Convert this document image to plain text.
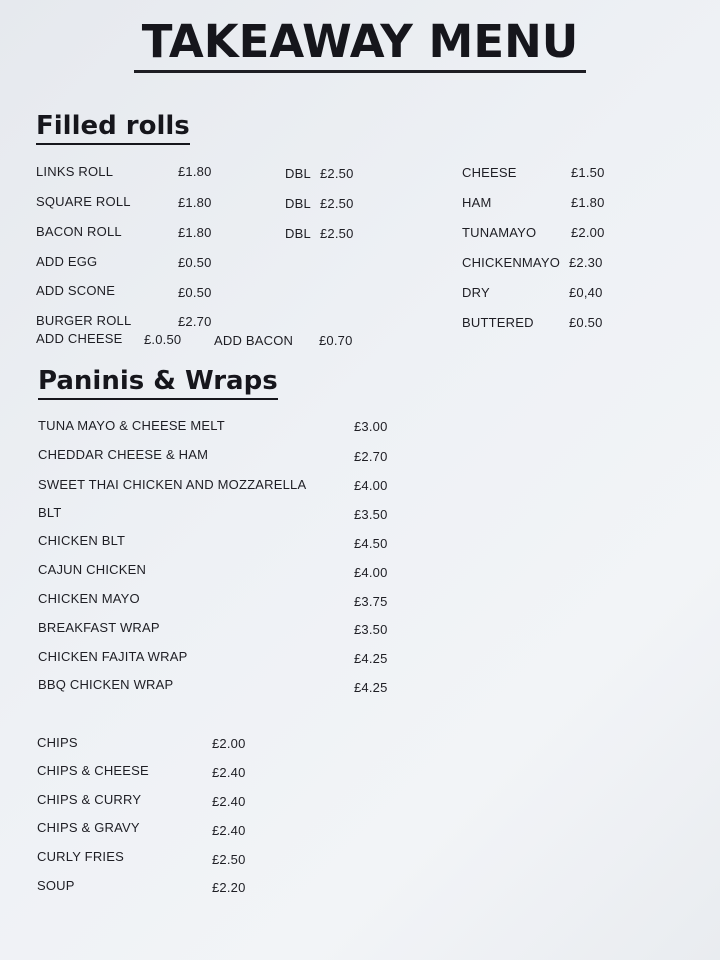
TAKEAWAY MENU
Filled rolls
LINKS ROLL	£1.80	DBL £2.50
SQUARE ROLL	£1.80	DBL £2.50
BACON ROLL	£1.80	DBL £2.50
ADD EGG	£0.50
ADD SCONE	£0.50
BURGER ROLL	£2.70
ADD CHEESE £.0.50	ADD BACON £0.70
CHEESE	£1.50
HAM	£1.80
TUNAMAYO	£2.00
CHICKENMAYO £2.30
DRY	£0,40
BUTTERED	£0.50
Paninis & Wraps
TUNA MAYO & CHEESE MELT	£3.00
CHEDDAR CHEESE & HAM	£2.70
SWEET THAI CHICKEN AND MOZZARELLA	£4.00
BLT	£3.50
CHICKEN BLT	£4.50
CAJUN CHICKEN	£4.00
CHICKEN MAYO	£3.75
BREAKFAST WRAP	£3.50
CHICKEN FAJITA WRAP	£4.25
BBQ CHICKEN WRAP	£4.25
CHIPS	£2.00
CHIPS & CHEESE	£2.40
CHIPS & CURRY	£2.40
CHIPS & GRAVY	£2.40
CURLY FRIES	£2.50
SOUP	£2.20
